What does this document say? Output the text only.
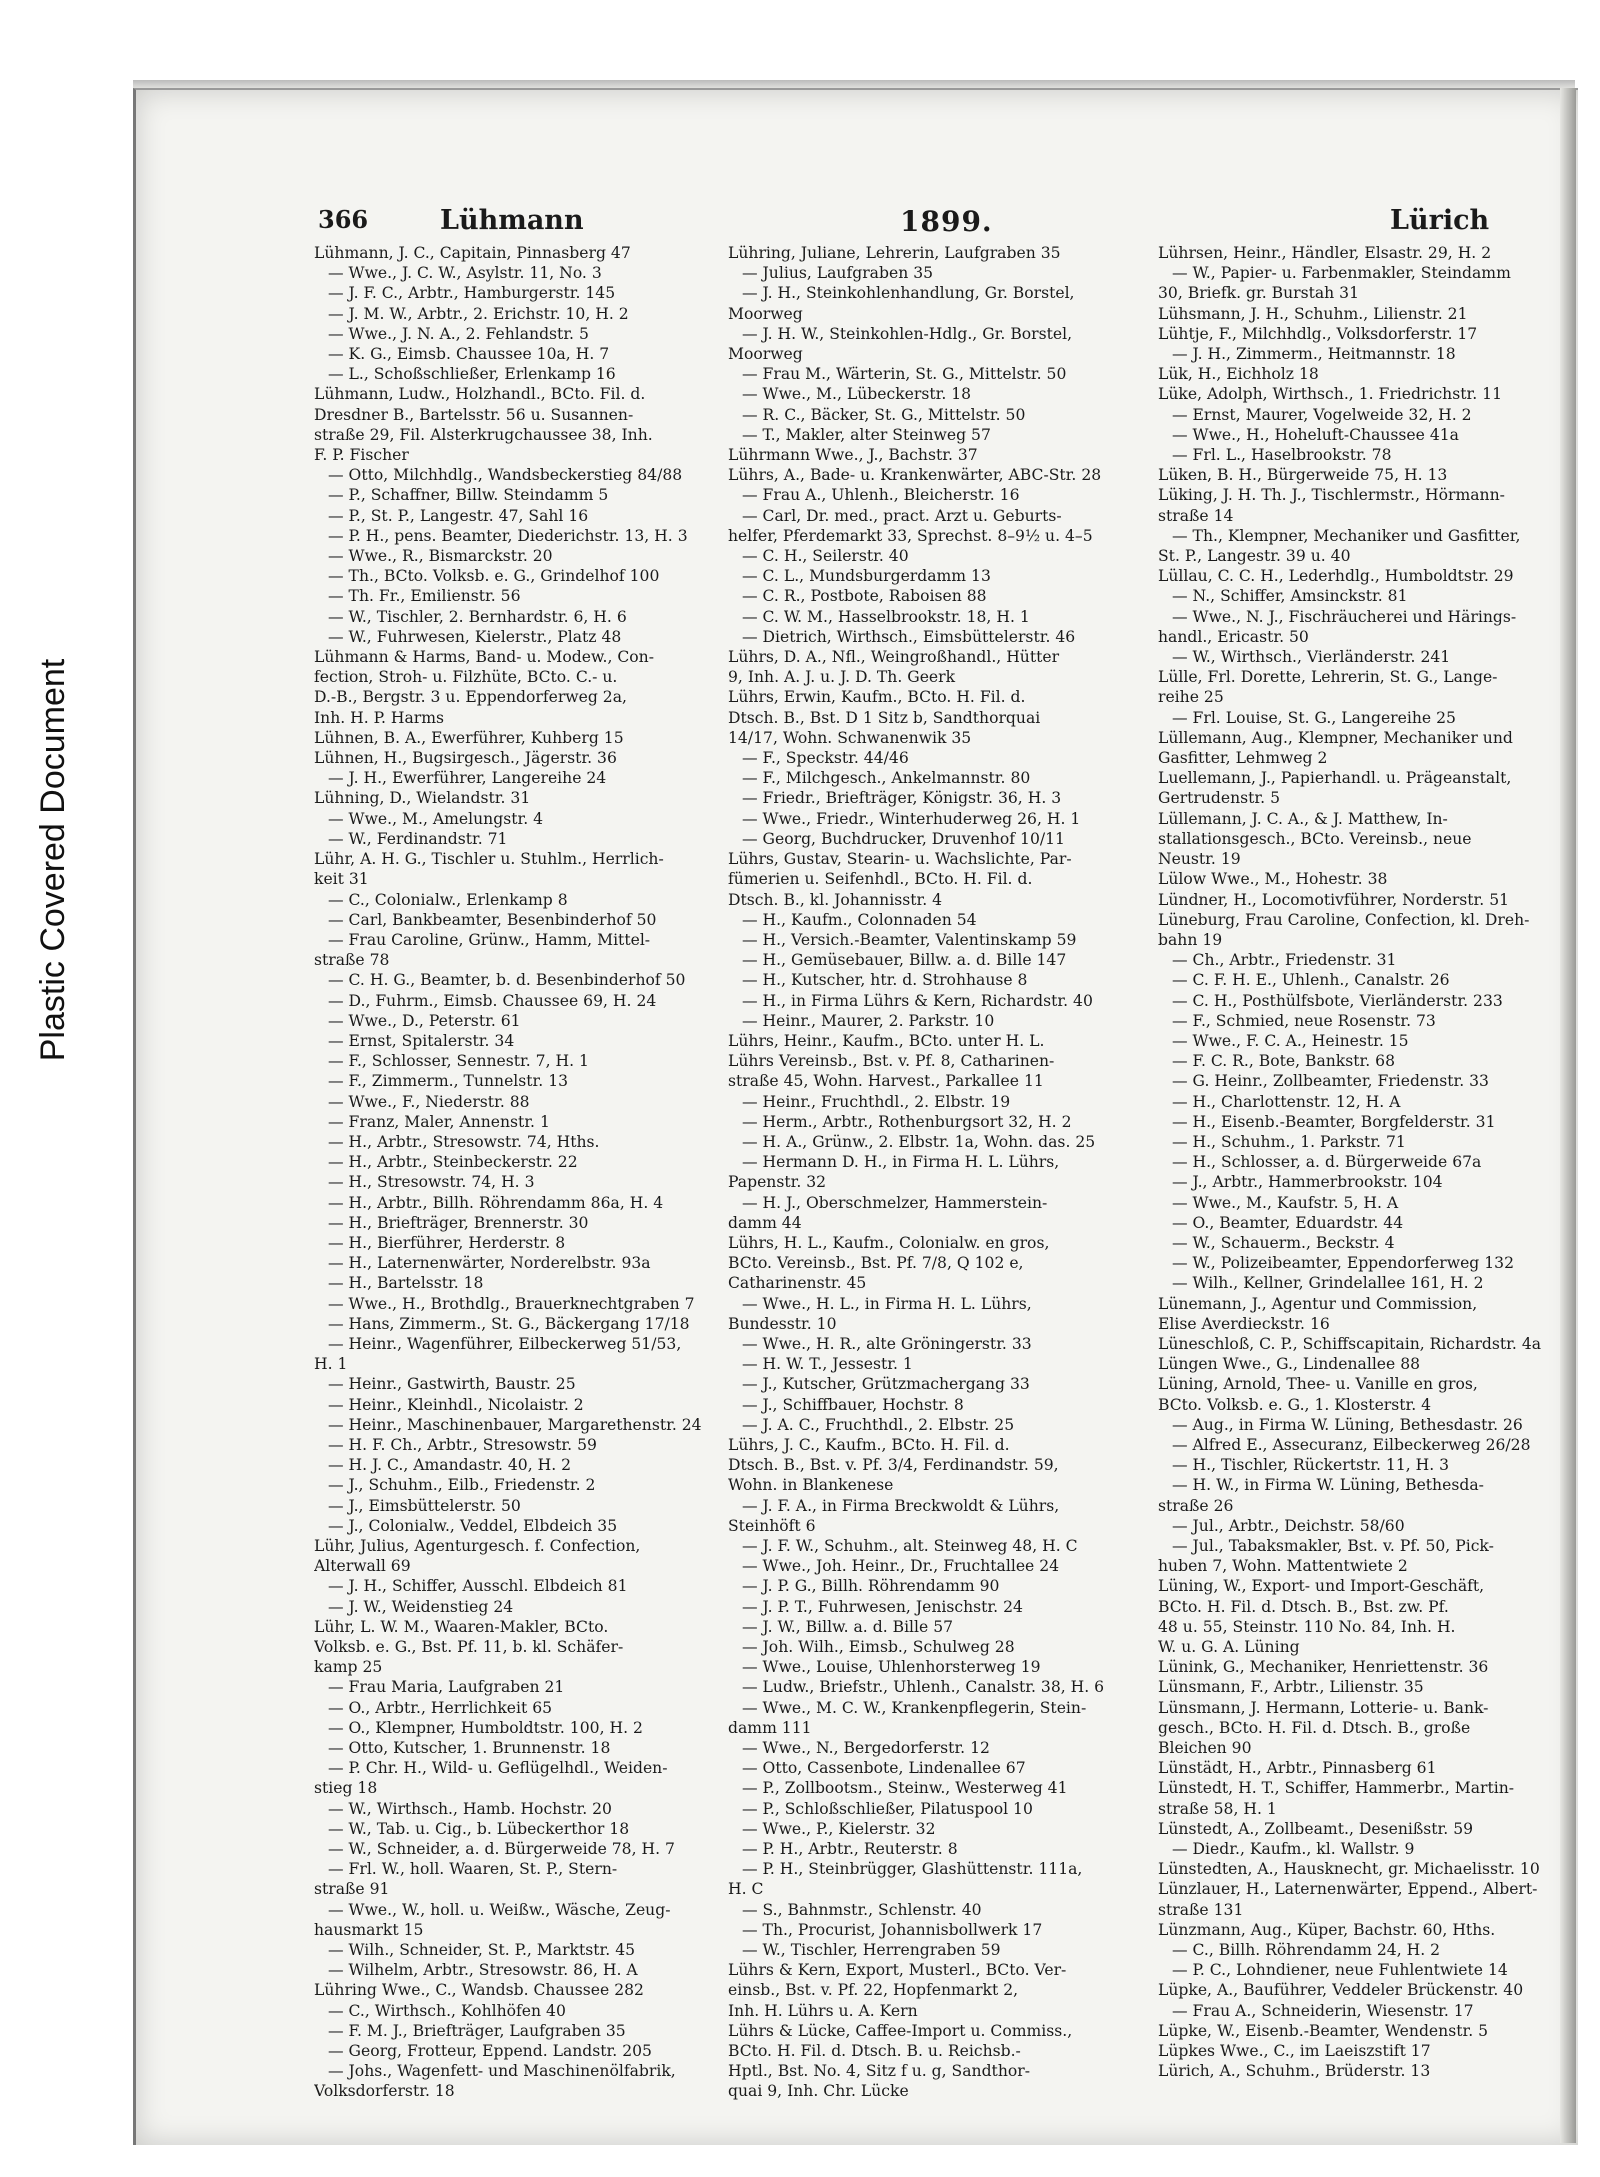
Plastic Covered Document
366	Lühmann	1899.	Lürich
Lühmann, J. C., Capitain, Pinnasberg 47
— Wwe., J. C. W., Asylstr. 11, No. 3
— J. F. C., Arbtr., Hamburgerstr. 145
— J. M. W., Arbtr., 2. Erichstr. 10, H. 2
— Wwe., J. N. A., 2. Fehlandstr. 5
— K. G., Eimsb. Chaussee 10a, H. 7
— L., Schoßschließer, Erlenkamp 16
Lühmann, Ludw., Holzhandl., BCto. Fil. d.
Dresdner B., Bartelsstr. 56 u. Susannen-
straße 29, Fil. Alsterkrugchaussee 38, Inh.
F. P. Fischer
— Otto, Milchhdlg., Wandsbeckerstieg 84/88
— P., Schaffner, Billw. Steindamm 5
— P., St. P., Langestr. 47, Sahl 16
— P. H., pens. Beamter, Diederichstr. 13, H. 3
— Wwe., R., Bismarckstr. 20
— Th., BCto. Volksb. e. G., Grindelhof 100
— Th. Fr., Emilienstr. 56
— W., Tischler, 2. Bernhardstr. 6, H. 6
— W., Fuhrwesen, Kielerstr., Platz 48
Lühmann & Harms, Band- u. Modew., Con-
fection, Stroh- u. Filzhüte, BCto. C.- u.
D.-B., Bergstr. 3 u. Eppendorferweg 2a,
Inh. H. P. Harms
Lühnen, B. A., Ewerführer, Kuhberg 15
Lühnen, H., Bugsirgesch., Jägerstr. 36
— J. H., Ewerführer, Langereihe 24
Lühning, D., Wielandstr. 31
— Wwe., M., Amelungstr. 4
— W., Ferdinandstr. 71
Lühr, A. H. G., Tischler u. Stuhlm., Herrlich-
keit 31
— C., Colonialw., Erlenkamp 8
— Carl, Bankbeamter, Besenbinderhof 50
— Frau Caroline, Grünw., Hamm, Mittel-
straße 78
— C. H. G., Beamter, b. d. Besenbinderhof 50
— D., Fuhrm., Eimsb. Chaussee 69, H. 24
— Wwe., D., Peterstr. 61
— Ernst, Spitalerstr. 34
— F., Schlosser, Sennestr. 7, H. 1
— F., Zimmerm., Tunnelstr. 13
— Wwe., F., Niederstr. 88
— Franz, Maler, Annenstr. 1
— H., Arbtr., Stresowstr. 74, Hths.
— H., Arbtr., Steinbeckerstr. 22
— H., Stresowstr. 74, H. 3
— H., Arbtr., Billh. Röhrendamm 86a, H. 4
— H., Briefträger, Brennerstr. 30
— H., Bierführer, Herderstr. 8
— H., Laternenwärter, Norderelbstr. 93a
— H., Bartelsstr. 18
— Wwe., H., Brothdlg., Brauerknechtgraben 7
— Hans, Zimmerm., St. G., Bäckergang 17/18
— Heinr., Wagenführer, Eilbeckerweg 51/53,
H. 1
— Heinr., Gastwirth, Baustr. 25
— Heinr., Kleinhdl., Nicolaistr. 2
— Heinr., Maschinenbauer, Margarethenstr. 24
— H. F. Ch., Arbtr., Stresowstr. 59
— H. J. C., Amandastr. 40, H. 2
— J., Schuhm., Eilb., Friedenstr. 2
— J., Eimsbüttelerstr. 50
— J., Colonialw., Veddel, Elbdeich 35
Lühr, Julius, Agenturgesch. f. Confection,
Alterwall 69
— J. H., Schiffer, Ausschl. Elbdeich 81
— J. W., Weidenstieg 24
Lühr, L. W. M., Waaren-Makler, BCto.
Volksb. e. G., Bst. Pf. 11, b. kl. Schäfer-
kamp 25
— Frau Maria, Laufgraben 21
— O., Arbtr., Herrlichkeit 65
— O., Klempner, Humboldtstr. 100, H. 2
— Otto, Kutscher, 1. Brunnenstr. 18
— P. Chr. H., Wild- u. Geflügelhdl., Weiden-
stieg 18
— W., Wirthsch., Hamb. Hochstr. 20
— W., Tab. u. Cig., b. Lübeckerthor 18
— W., Schneider, a. d. Bürgerweide 78, H. 7
— Frl. W., holl. Waaren, St. P., Stern-
straße 91
— Wwe., W., holl. u. Weißw., Wäsche, Zeug-
hausmarkt 15
— Wilh., Schneider, St. P., Marktstr. 45
— Wilhelm, Arbtr., Stresowstr. 86, H. A
Lühring Wwe., C., Wandsb. Chaussee 282
— C., Wirthsch., Kohlhöfen 40
— F. M. J., Briefträger, Laufgraben 35
— Georg, Frotteur, Eppend. Landstr. 205
— Johs., Wagenfett- und Maschinenölfabrik,
Volksdorferstr. 18
Lühring, Juliane, Lehrerin, Laufgraben 35
— Julius, Laufgraben 35
— J. H., Steinkohlenhandlung, Gr. Borstel,
Moorweg
— J. H. W., Steinkohlen-Hdlg., Gr. Borstel,
Moorweg
— Frau M., Wärterin, St. G., Mittelstr. 50
— Wwe., M., Lübeckerstr. 18
— R. C., Bäcker, St. G., Mittelstr. 50
— T., Makler, alter Steinweg 57
Lührmann Wwe., J., Bachstr. 37
Lührs, A., Bade- u. Krankenwärter, ABC-Str. 28
— Frau A., Uhlenh., Bleicherstr. 16
— Carl, Dr. med., pract. Arzt u. Geburts-
helfer, Pferdemarkt 33, Sprechst. 8–9½ u. 4–5
— C. H., Seilerstr. 40
— C. L., Mundsburgerdamm 13
— C. R., Postbote, Raboisen 88
— C. W. M., Hasselbrookstr. 18, H. 1
— Dietrich, Wirthsch., Eimsbüttelerstr. 46
Lührs, D. A., Nfl., Weingroßhandl., Hütter
9, Inh. A. J. u. J. D. Th. Geerk
Lührs, Erwin, Kaufm., BCto. H. Fil. d.
Dtsch. B., Bst. D 1 Sitz b, Sandthorquai
14/17, Wohn. Schwanenwik 35
— F., Speckstr. 44/46
— F., Milchgesch., Ankelmannstr. 80
— Friedr., Briefträger, Königstr. 36, H. 3
— Wwe., Friedr., Winterhuderweg 26, H. 1
— Georg, Buchdrucker, Druvenhof 10/11
Lührs, Gustav, Stearin- u. Wachslichte, Par-
fümerien u. Seifenhdl., BCto. H. Fil. d.
Dtsch. B., kl. Johannisstr. 4
— H., Kaufm., Colonnaden 54
— H., Versich.-Beamter, Valentinskamp 59
— H., Gemüsebauer, Billw. a. d. Bille 147
— H., Kutscher, htr. d. Strohhause 8
— H., in Firma Lührs & Kern, Richardstr. 40
— Heinr., Maurer, 2. Parkstr. 10
Lührs, Heinr., Kaufm., BCto. unter H. L.
Lührs Vereinsb., Bst. v. Pf. 8, Catharinen-
straße 45, Wohn. Harvest., Parkallee 11
— Heinr., Fruchthdl., 2. Elbstr. 19
— Herm., Arbtr., Rothenburgsort 32, H. 2
— H. A., Grünw., 2. Elbstr. 1a, Wohn. das. 25
— Hermann D. H., in Firma H. L. Lührs,
Papenstr. 32
— H. J., Oberschmelzer, Hammerstein-
damm 44
Lührs, H. L., Kaufm., Colonialw. en gros,
BCto. Vereinsb., Bst. Pf. 7/8, Q 102 e,
Catharinenstr. 45
— Wwe., H. L., in Firma H. L. Lührs,
Bundesstr. 10
— Wwe., H. R., alte Gröningerstr. 33
— H. W. T., Jessestr. 1
— J., Kutscher, Grützmachergang 33
— J., Schiffbauer, Hochstr. 8
— J. A. C., Fruchthdl., 2. Elbstr. 25
Lührs, J. C., Kaufm., BCto. H. Fil. d.
Dtsch. B., Bst. v. Pf. 3/4, Ferdinandstr. 59,
Wohn. in Blankenese
— J. F. A., in Firma Breckwoldt & Lührs,
Steinhöft 6
— J. F. W., Schuhm., alt. Steinweg 48, H. C
— Wwe., Joh. Heinr., Dr., Fruchtallee 24
— J. P. G., Billh. Röhrendamm 90
— J. P. T., Fuhrwesen, Jenischstr. 24
— J. W., Billw. a. d. Bille 57
— Joh. Wilh., Eimsb., Schulweg 28
— Wwe., Louise, Uhlenhorsterweg 19
— Ludw., Briefstr., Uhlenh., Canalstr. 38, H. 6
— Wwe., M. C. W., Krankenpflegerin, Stein-
damm 111
— Wwe., N., Bergedorferstr. 12
— Otto, Cassenbote, Lindenallee 67
— P., Zollbootsm., Steinw., Westerweg 41
— P., Schloßschließer, Pilatuspool 10
— Wwe., P., Kielerstr. 32
— P. H., Arbtr., Reuterstr. 8
— P. H., Steinbrügger, Glashüttenstr. 111a,
H. C
— S., Bahnmstr., Schlenstr. 40
— Th., Procurist, Johannisbollwerk 17
— W., Tischler, Herrengraben 59
Lührs & Kern, Export, Musterl., BCto. Ver-
einsb., Bst. v. Pf. 22, Hopfenmarkt 2,
Inh. H. Lührs u. A. Kern
Lührs & Lücke, Caffee-Import u. Commiss.,
BCto. H. Fil. d. Dtsch. B. u. Reichsb.-
Hptl., Bst. No. 4, Sitz f u. g, Sandthor-
quai 9, Inh. Chr. Lücke
Lührsen, Heinr., Händler, Elsastr. 29, H. 2
— W., Papier- u. Farbenmakler, Steindamm
30, Briefk. gr. Burstah 31
Lühsmann, J. H., Schuhm., Lilienstr. 21
Lühtje, F., Milchhdlg., Volksdorferstr. 17
— J. H., Zimmerm., Heitmannstr. 18
Lük, H., Eichholz 18
Lüke, Adolph, Wirthsch., 1. Friedrichstr. 11
— Ernst, Maurer, Vogelweide 32, H. 2
— Wwe., H., Hoheluft-Chaussee 41a
— Frl. L., Haselbrookstr. 78
Lüken, B. H., Bürgerweide 75, H. 13
Lüking, J. H. Th. J., Tischlermstr., Hörmann-
straße 14
— Th., Klempner, Mechaniker und Gasfitter,
St. P., Langestr. 39 u. 40
Lüllau, C. C. H., Lederhdlg., Humboldtstr. 29
— N., Schiffer, Amsinckstr. 81
— Wwe., N. J., Fischräucherei und Härings-
handl., Ericastr. 50
— W., Wirthsch., Vierländerstr. 241
Lülle, Frl. Dorette, Lehrerin, St. G., Lange-
reihe 25
— Frl. Louise, St. G., Langereihe 25
Lüllemann, Aug., Klempner, Mechaniker und
Gasfitter, Lehmweg 2
Luellemann, J., Papierhandl. u. Prägeanstalt,
Gertrudenstr. 5
Lüllemann, J. C. A., & J. Matthew, In-
stallationsgesch., BCto. Vereinsb., neue
Neustr. 19
Lülow Wwe., M., Hohestr. 38
Lündner, H., Locomotivführer, Norderstr. 51
Lüneburg, Frau Caroline, Confection, kl. Dreh-
bahn 19
— Ch., Arbtr., Friedenstr. 31
— C. F. H. E., Uhlenh., Canalstr. 26
— C. H., Posthülfsbote, Vierländerstr. 233
— F., Schmied, neue Rosenstr. 73
— Wwe., F. C. A., Heinestr. 15
— F. C. R., Bote, Bankstr. 68
— G. Heinr., Zollbeamter, Friedenstr. 33
— H., Charlottenstr. 12, H. A
— H., Eisenb.-Beamter, Borgfelderstr. 31
— H., Schuhm., 1. Parkstr. 71
— H., Schlosser, a. d. Bürgerweide 67a
— J., Arbtr., Hammerbrookstr. 104
— Wwe., M., Kaufstr. 5, H. A
— O., Beamter, Eduardstr. 44
— W., Schauerm., Beckstr. 4
— W., Polizeibeamter, Eppendorferweg 132
— Wilh., Kellner, Grindelallee 161, H. 2
Lünemann, J., Agentur und Commission,
Elise Averdieckstr. 16
Lüneschloß, C. P., Schiffscapitain, Richardstr. 4a
Lüngen Wwe., G., Lindenallee 88
Lüning, Arnold, Thee- u. Vanille en gros,
BCto. Volksb. e. G., 1. Klosterstr. 4
— Aug., in Firma W. Lüning, Bethesdastr. 26
— Alfred E., Assecuranz, Eilbeckerweg 26/28
— H., Tischler, Rückertstr. 11, H. 3
— H. W., in Firma W. Lüning, Bethesda-
straße 26
— Jul., Arbtr., Deichstr. 58/60
— Jul., Tabaksmakler, Bst. v. Pf. 50, Pick-
huben 7, Wohn. Mattentwiete 2
Lüning, W., Export- und Import-Geschäft,
BCto. H. Fil. d. Dtsch. B., Bst. zw. Pf.
48 u. 55, Steinstr. 110 No. 84, Inh. H.
W. u. G. A. Lüning
Lünink, G., Mechaniker, Henriettenstr. 36
Lünsmann, F., Arbtr., Lilienstr. 35
Lünsmann, J. Hermann, Lotterie- u. Bank-
gesch., BCto. H. Fil. d. Dtsch. B., große
Bleichen 90
Lünstädt, H., Arbtr., Pinnasberg 61
Lünstedt, H. T., Schiffer, Hammerbr., Martin-
straße 58, H. 1
Lünstedt, A., Zollbeamt., Desenißstr. 59
— Diedr., Kaufm., kl. Wallstr. 9
Lünstedten, A., Hausknecht, gr. Michaelisstr. 10
Lünzlauer, H., Laternenwärter, Eppend., Albert-
straße 131
Lünzmann, Aug., Küper, Bachstr. 60, Hths.
— C., Billh. Röhrendamm 24, H. 2
— P. C., Lohndiener, neue Fuhlentwiete 14
Lüpke, A., Bauführer, Veddeler Brückenstr. 40
— Frau A., Schneiderin, Wiesenstr. 17
Lüpke, W., Eisenb.-Beamter, Wendenstr. 5
Lüpkes Wwe., C., im Laeiszstift 17
Lürich, A., Schuhm., Brüderstr. 13
